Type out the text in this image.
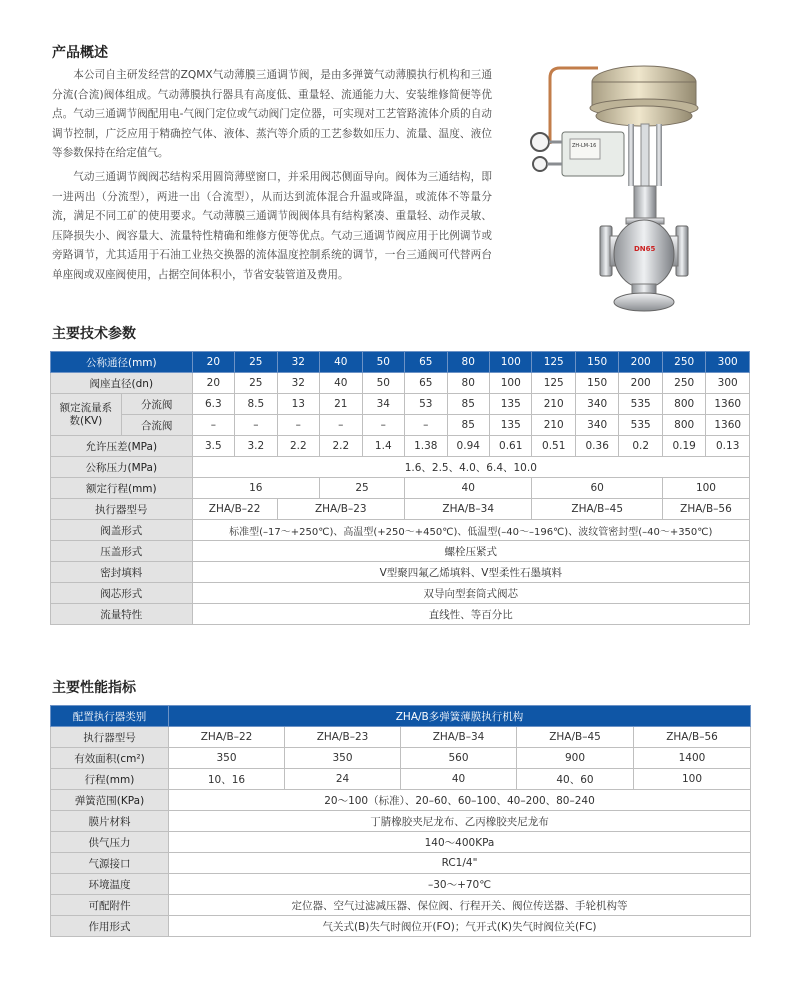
产品概述

本公司自主研发经营的ZQMX气动薄膜三通调节阀，是由多弹簧气动薄膜执行机构和三通分流(合流)阀体组成。气动薄膜执行器具有高度低、重量轻、流通能力大、安装维修简便等优点。气动三通调节阀配用电-气阀门定位或气动阀门定位器，可实现对工艺管路流体介质的自动调节控制，广泛应用于精确控气体、液体、蒸汽等介质的工艺参数如压力、流量、温度、液位等参数保持在给定值气。

气动三通调节阀阀芯结构采用圆筒薄壁窗口，并采用阀芯侧面导向。阀体为三通结构，即一进两出（分流型），两进一出（合流型），从而达到流体混合升温或降温，或流体不等量分流，满足不同工矿的使用要求。气动薄膜三通调节阀阀体具有结构紧凑、重量轻、动作灵敏、压降损失小、阀容量大、流量特性精确和维修方便等优点。气动三通调节阀应用于比例调节或旁路调节，尤其适用于石油工业热交换器的流体温度控制系统的调节，一台三通阀可代替两台单座阀或双座阀使用，占据空间体积小，节省安装管道及费用。

ZH-LM-16
DN65
主要技术参数
公称通径(mm)		20	25	32	40	50	65	80	100	125	150	200	250	300
阀座直径(dn)		20	25	32	40	50	65	80	100	125	150	200	250	300
额定流量系数(KV)	分流阀	6.3	8.5	13	21	34	53	85	135	210	340	535	800	1360
	合流阀	–	–	–	–	–	–	85	135	210	340	535	800	1360
允许压差(MPa)		3.5	3.2	2.2	2.2	1.4	1.38	0.94	0.61	0.51	0.36	0.2	0.19	0.13
公称压力(MPa)		1.6、2.5、4.0、6.4、10.0												
额定行程(mm)		16			25		40			60			100	
执行器型号		ZHA/B–22		ZHA/B–23			ZHA/B–34			ZHA/B–45			ZHA/B–56	
阀盖形式		标准型(–17～+250℃)、高温型(+250～+450℃)、低温型(–40～–196℃)、波纹管密封型(–40～+350℃)												
压盖形式		螺栓压紧式												
密封填料		V型聚四氟乙烯填料、V型柔性石墨填料												
阀芯形式		双导向型套筒式阀芯												
流量特性		直线性、等百分比												
主要性能指标
配置执行器类别	ZHA/B多弹簧薄膜执行机构				
执行器型号	ZHA/B–22	ZHA/B–23	ZHA/B–34	ZHA/B–45	ZHA/B–56
有效面积(cm²)	350	350	560	900	1400
行程(mm)	10、16	24	40	40、60	100
弹簧范围(KPa)	20～100（标准）、20–60、60–100、40–200、80–240				
膜片材料	丁腈橡胶夹尼龙布、乙丙橡胶夹尼龙布				
供气压力	140～400KPa				
气源接口	RC1/4"				
环境温度	–30～+70℃				
可配附件	定位器、空气过滤减压器、保位阀、行程开关、阀位传送器、手轮机构等				
作用形式	气关式(B)失气时阀位开(FO)；气开式(K)失气时阀位关(FC)				
